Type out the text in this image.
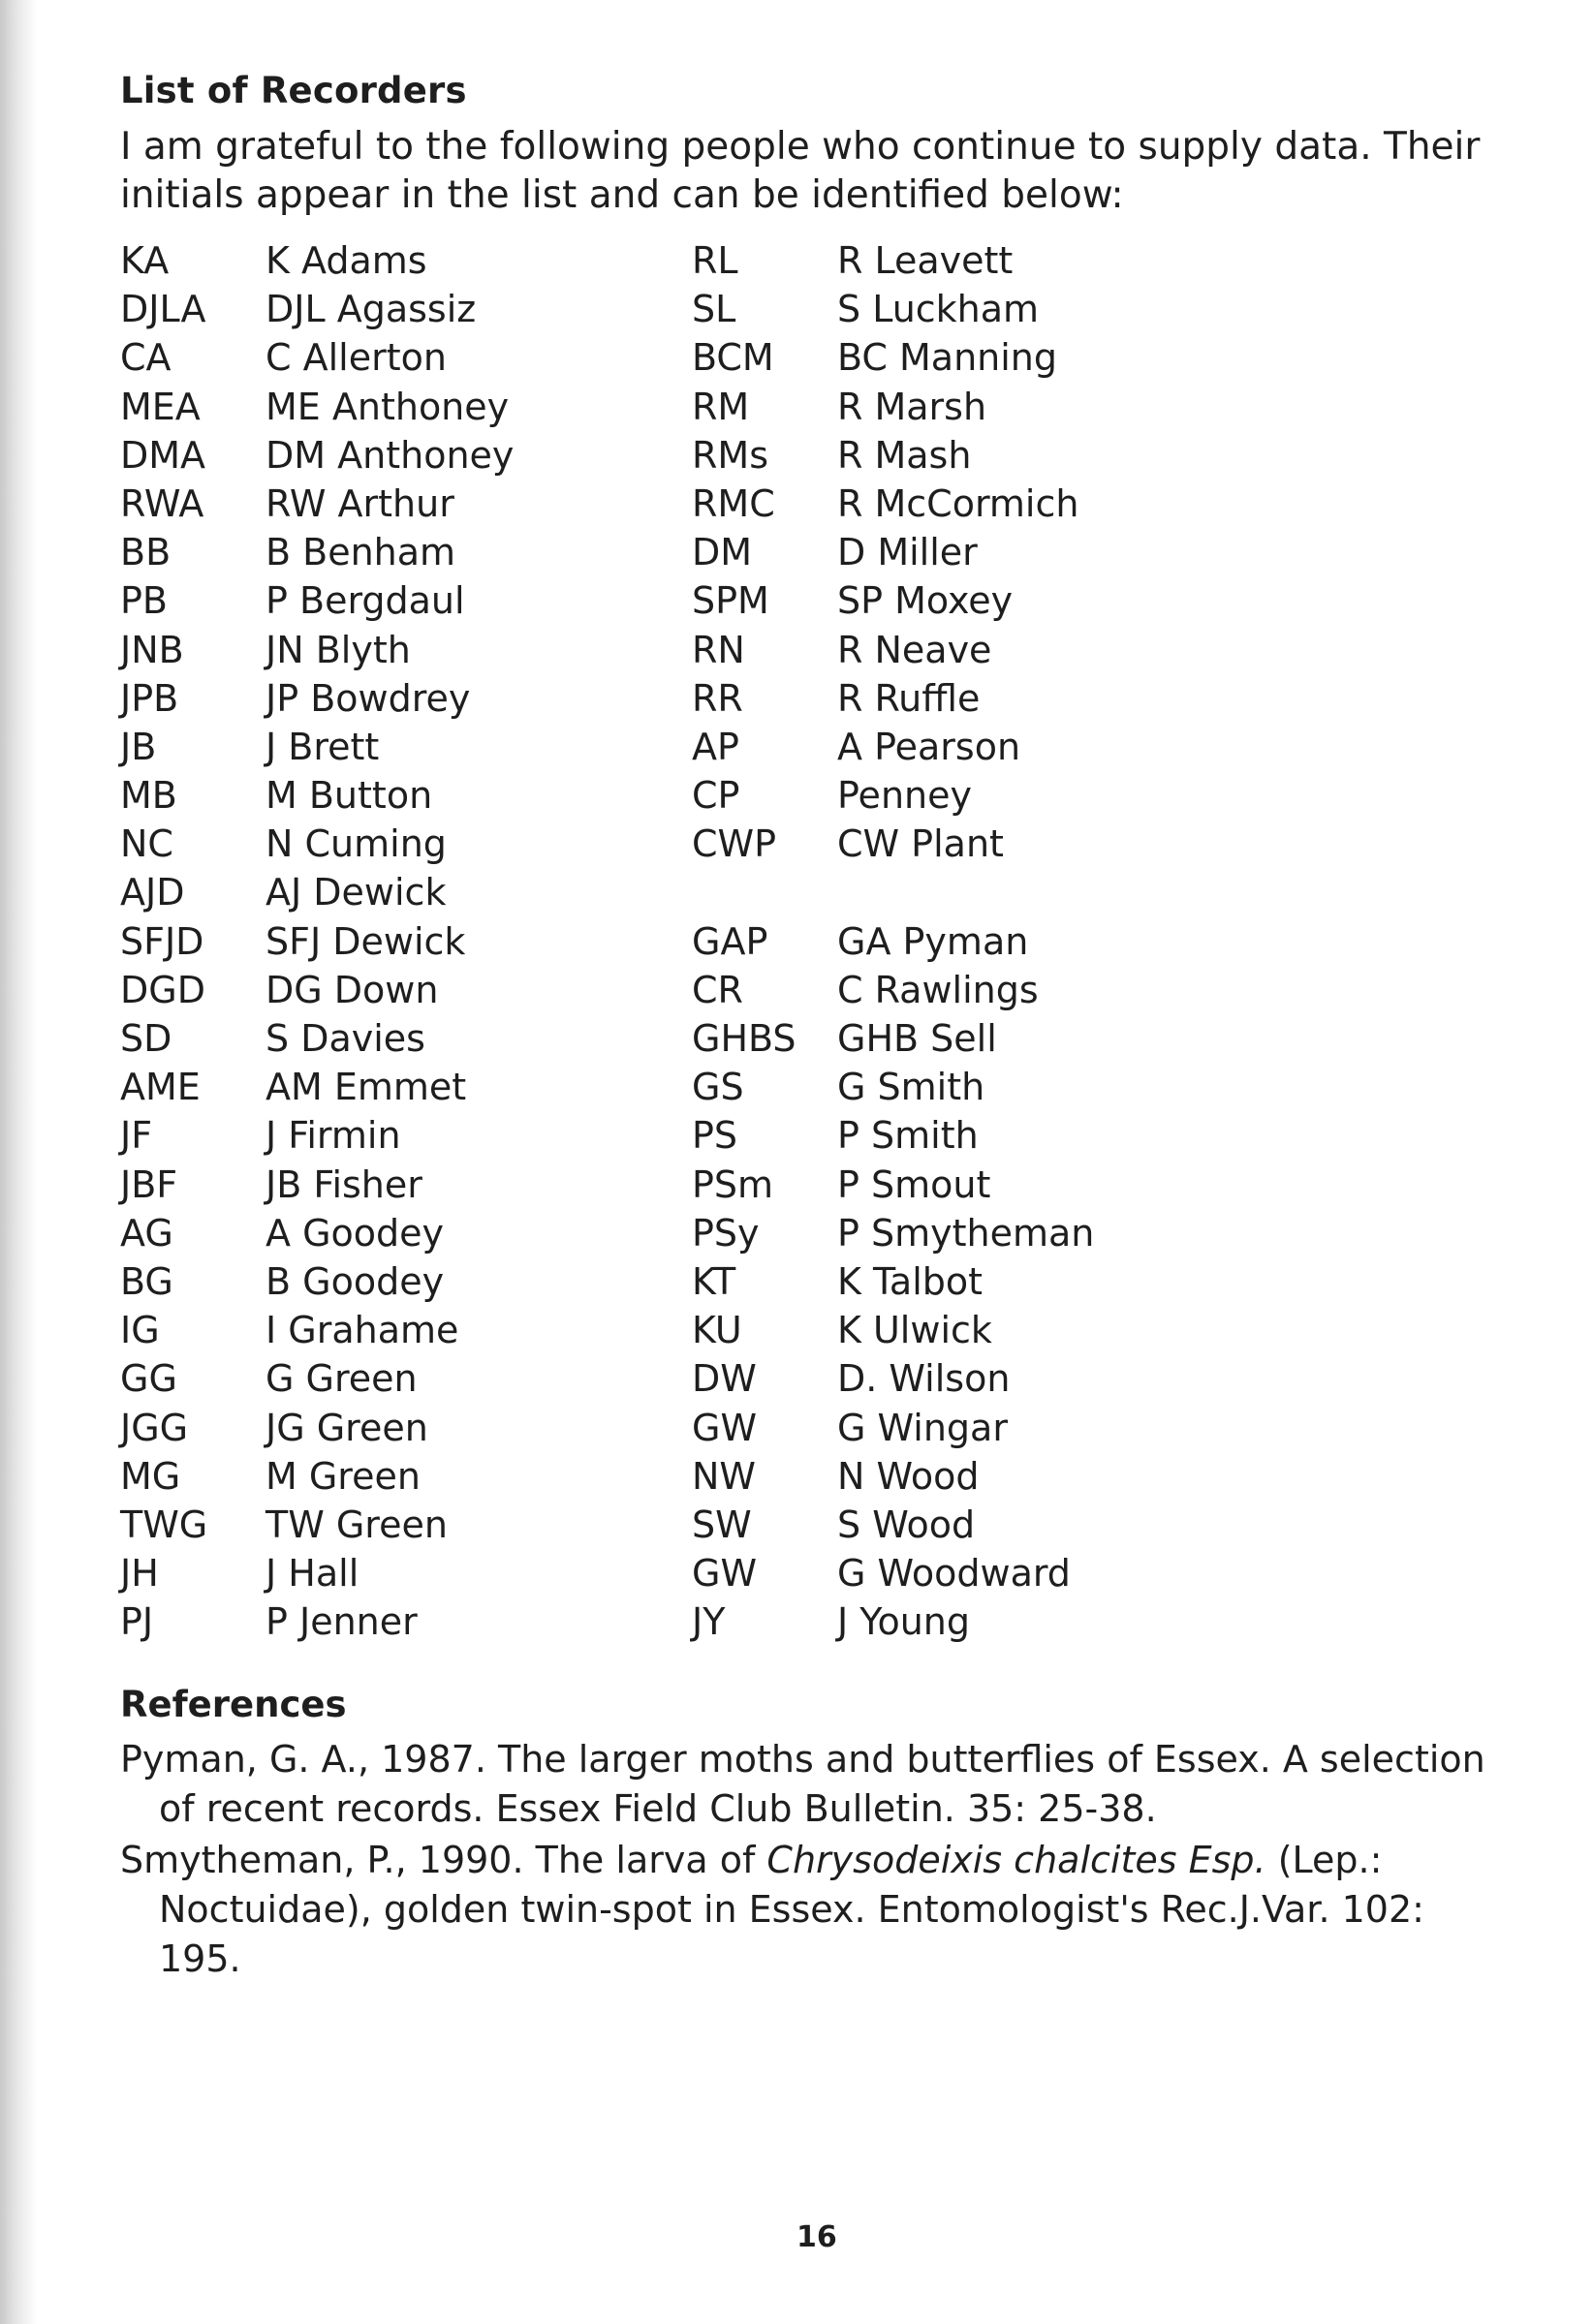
List of Recorders
I am grateful to the following people who continue to supply data. Their initials appear in the list and can be identified below:
KA	K Adams
DJLA DJL Agassiz
CA	C Allerton
MEA ME Anthoney
DMA DM Anthoney
RWA RW Arthur
BB	B Benham
PB	P Bergdaul
JNB JN Blyth
JPB JP Bowdrey
JB	J Brett
MB M Button
NC	N Cuming
AJD AJ Dewick
SFJD SFJ Dewick
DGD DG Down
SD	S Davies
AME AM Emmet
JF	J Firmin
JBF JB Fisher
AG	A Goodey
BG	B Goodey
IG	I Grahame
GG G Green
JGG JG Green
MG M Green
TWG TW Green
JH	J Hall
PJ	P Jenner
RL	R Leavett
SL	S Luckham
BCM BC Manning
RM R Marsh
RMs R Mash
RMC R McCormich
DM D Miller
SPM SP Moxey
RN	R Neave
RR	R Ruffle
AP	A Pearson
CP	Penney
CWP CW Plant
GAP GA Pyman
CR	C Rawlings
GHBS GHB Sell
GS	G Smith
PS	P Smith
PSm P Smout
PSy P Smytheman
KT	K Talbot
KU	K Ulwick
DW D. Wilson
GW G Wingar
NW N Wood
SW S Wood
GW G Woodward
JY	J Young
References

Pyman, G. A., 1987. The larger moths and butterflies of Essex. A selection of recent records. Essex Field Club Bulletin. 35: 25-38.

Smytheman, P., 1990. The larva of Chrysodeixis chalcites Esp. (Lep.: Noctuidae), golden twin-spot in Essex. Entomologist's Rec.J.Var. 102: 195.

16
